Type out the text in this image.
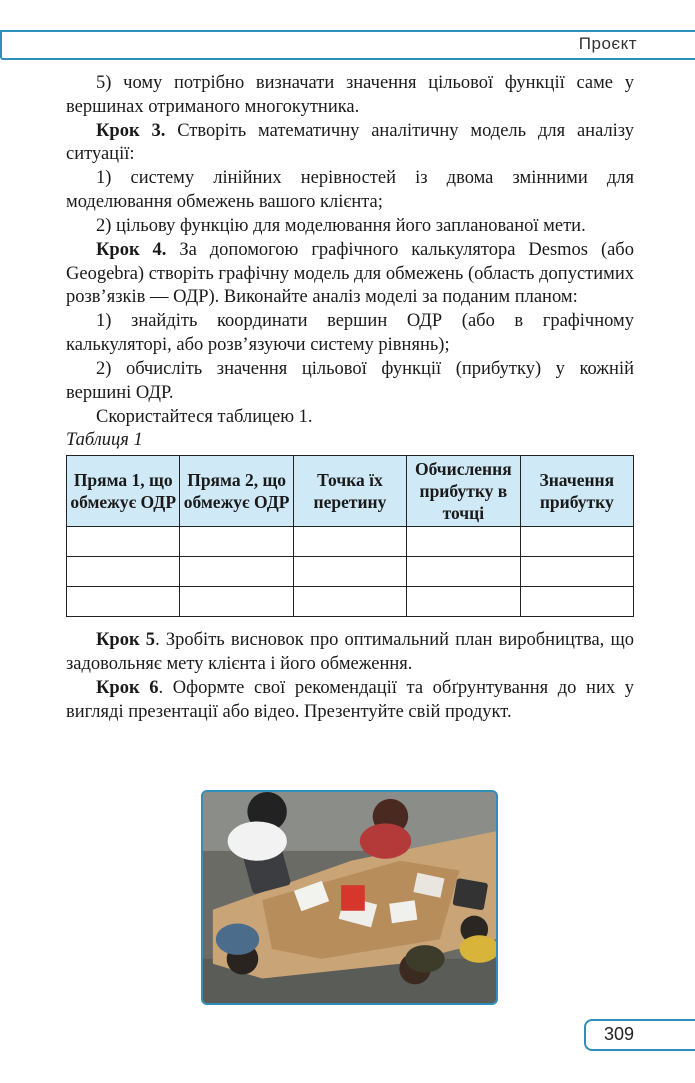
Проєкт

5) чому потрібно визначати значення цільової функції саме у вершинах отриманого многокутника.

Крок 3. Створіть математичну аналітичну модель для аналізу ситуації:

1) систему лінійних нерівностей із двома змінними для моделювання обмежень вашого клієнта;

2) цільову функцію для моделювання його запланованої мети.

Крок 4. За допомогою графічного калькулятора Desmos (або Geogebra) створіть графічну модель для обмежень (область допустимих розв’язків — ОДР). Виконайте аналіз моделі за поданим планом:

1) знайдіть координати вершин ОДР (або в графічному калькуляторі, або розв’язуючи систему рівнянь);

2) обчисліть значення цільової функції (прибутку) у кожній вершині ОДР.

Скористайтеся таблицею 1.

Таблиця 1

Пряма 1, що обмежує ОДР	Пряма 2, що обмежує ОДР	Точка їх перетину	Обчислення прибутку в точці	Значення прибутку

Крок 5. Зробіть висновок про оптимальний план виробництва, що задовольняє мету клієнта і його обмеження.

Крок 6. Оформте свої рекомендації та обґрунтування до них у вигляді презентації або відео. Презентуйте свій продукт.

309
